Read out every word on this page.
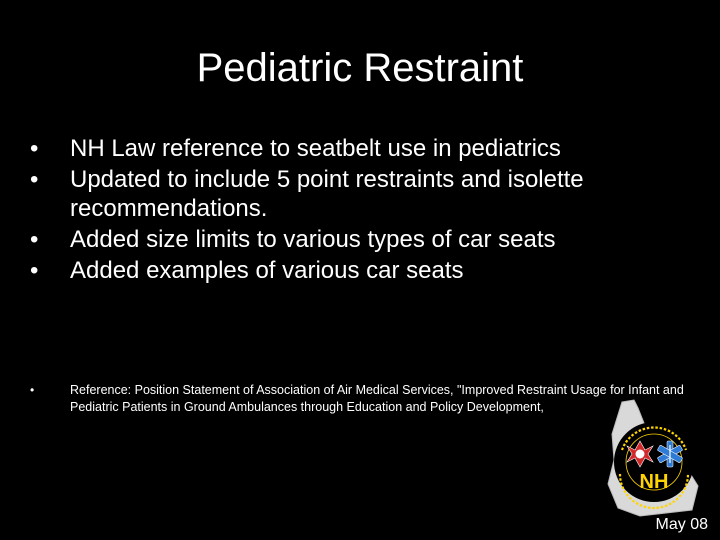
Pediatric Restraint
•	NH Law reference to seatbelt use in pediatrics
•	Updated to include 5 point restraints and isolette recommendations.
•	Added size limits to various types of car seats
•	Added examples of various car seats
•	Reference: Position Statement of Association of Air Medical Services, "Improved Restraint Usage for Infant and Pediatric Patients in Ground Ambulances through Education and Policy Development,
NH
May 08
